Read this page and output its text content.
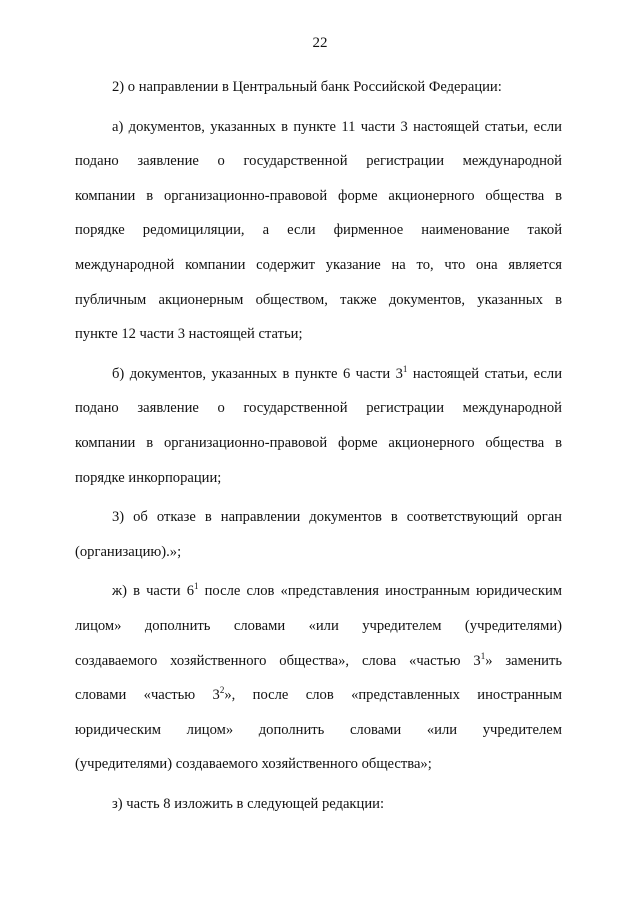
22
2) о направлении в Центральный банк Российской Федерации:
а) документов, указанных в пункте 11 части 3 настоящей статьи, если
подано заявление о государственной регистрации международной
компании в организационно-правовой форме акционерного общества в
порядке редомициляции, а если фирменное наименование такой
международной компании содержит указание на то, что она является
публичным акционерным обществом, также документов, указанных в
пункте 12 части 3 настоящей статьи;
б) документов, указанных в пункте 6 части $3^1$ настоящей статьи, если
подано заявление о государственной регистрации международной
компании в организационно-правовой форме акционерного общества в
порядке инкорпорации;
3) об отказе в направлении документов в соответствующий орган
(организацию).»;
ж) в части $6^1$ после слов «представления иностранным юридическим
лицом» дополнить словами «или учредителем (учредителями)
создаваемого хозяйственного общества», слова «частью $3^1$» заменить
словами «частью $3^2$», после слов «представленных иностранным
юридическим лицом» дополнить словами «или учредителем
(учредителями) создаваемого хозяйственного общества»;
з) часть 8 изложить в следующей редакции:
